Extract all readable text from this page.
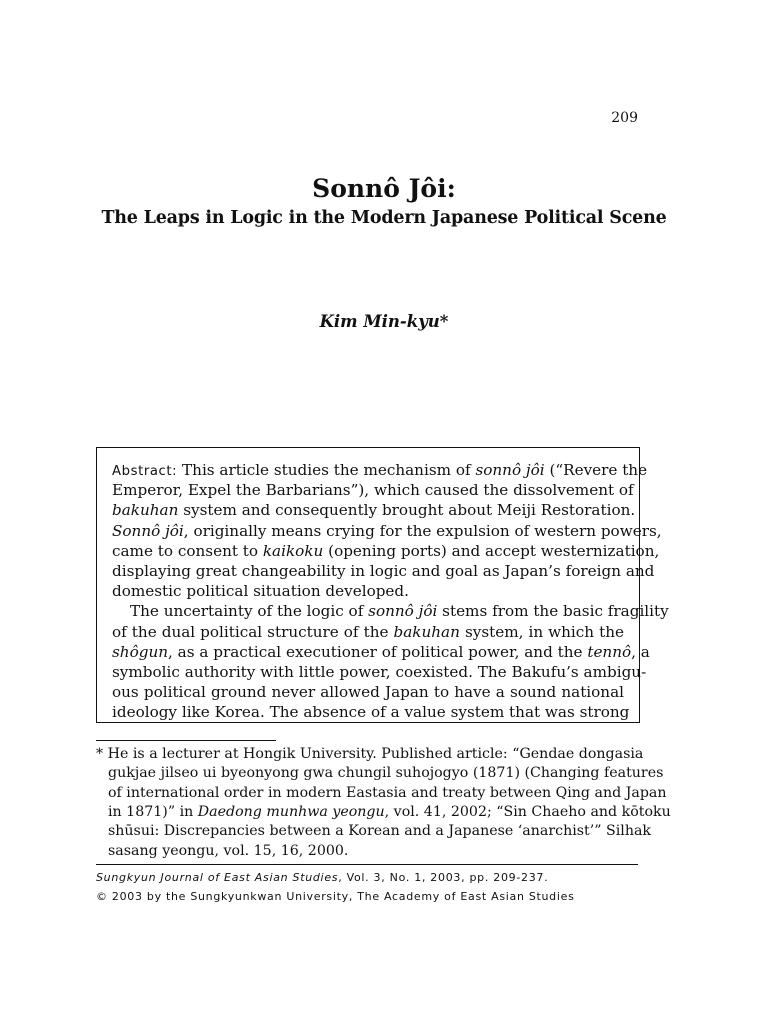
209
Sonnô Jôi:
The Leaps in Logic in the Modern Japanese Political Scene
Kim Min-kyu*
Abstract: This article studies the mechanism of sonnô jôi (“Revere the
Emperor, Expel the Barbarians”), which caused the dissolvement of
bakuhan system and consequently brought about Meiji Restoration.
Sonnô jôi, originally means crying for the expulsion of western powers,
came to consent to kaikoku (opening ports) and accept westernization,
displaying great changeability in logic and goal as Japan’s foreign and
domestic political situation developed.
The uncertainty of the logic of sonnô jôi stems from the basic fragility
of the dual political structure of the bakuhan system, in which the
shôgun, as a practical executioner of political power, and the tennô, a
symbolic authority with little power, coexisted. The Bakufu’s ambigu-
ous political ground never allowed Japan to have a sound national
ideology like Korea. The absence of a value system that was strong
* He is a lecturer at Hongik University. Published article: “Gendae dongasia
gukjae jilseo ui byeonyong gwa chungil suhojogyo (1871) (Changing features
of international order in modern Eastasia and treaty between Qing and Japan
in 1871)” in Daedong munhwa yeongu, vol. 41, 2002; “Sin Chaeho and kōtoku
shūsui: Discrepancies between a Korean and a Japanese ‘anarchist’” Silhak
sasang yeongu, vol. 15, 16, 2000.
Sungkyun Journal of East Asian Studies, Vol. 3, No. 1, 2003, pp. 209-237.
© 2003 by the Sungkyunkwan University, The Academy of East Asian Studies
